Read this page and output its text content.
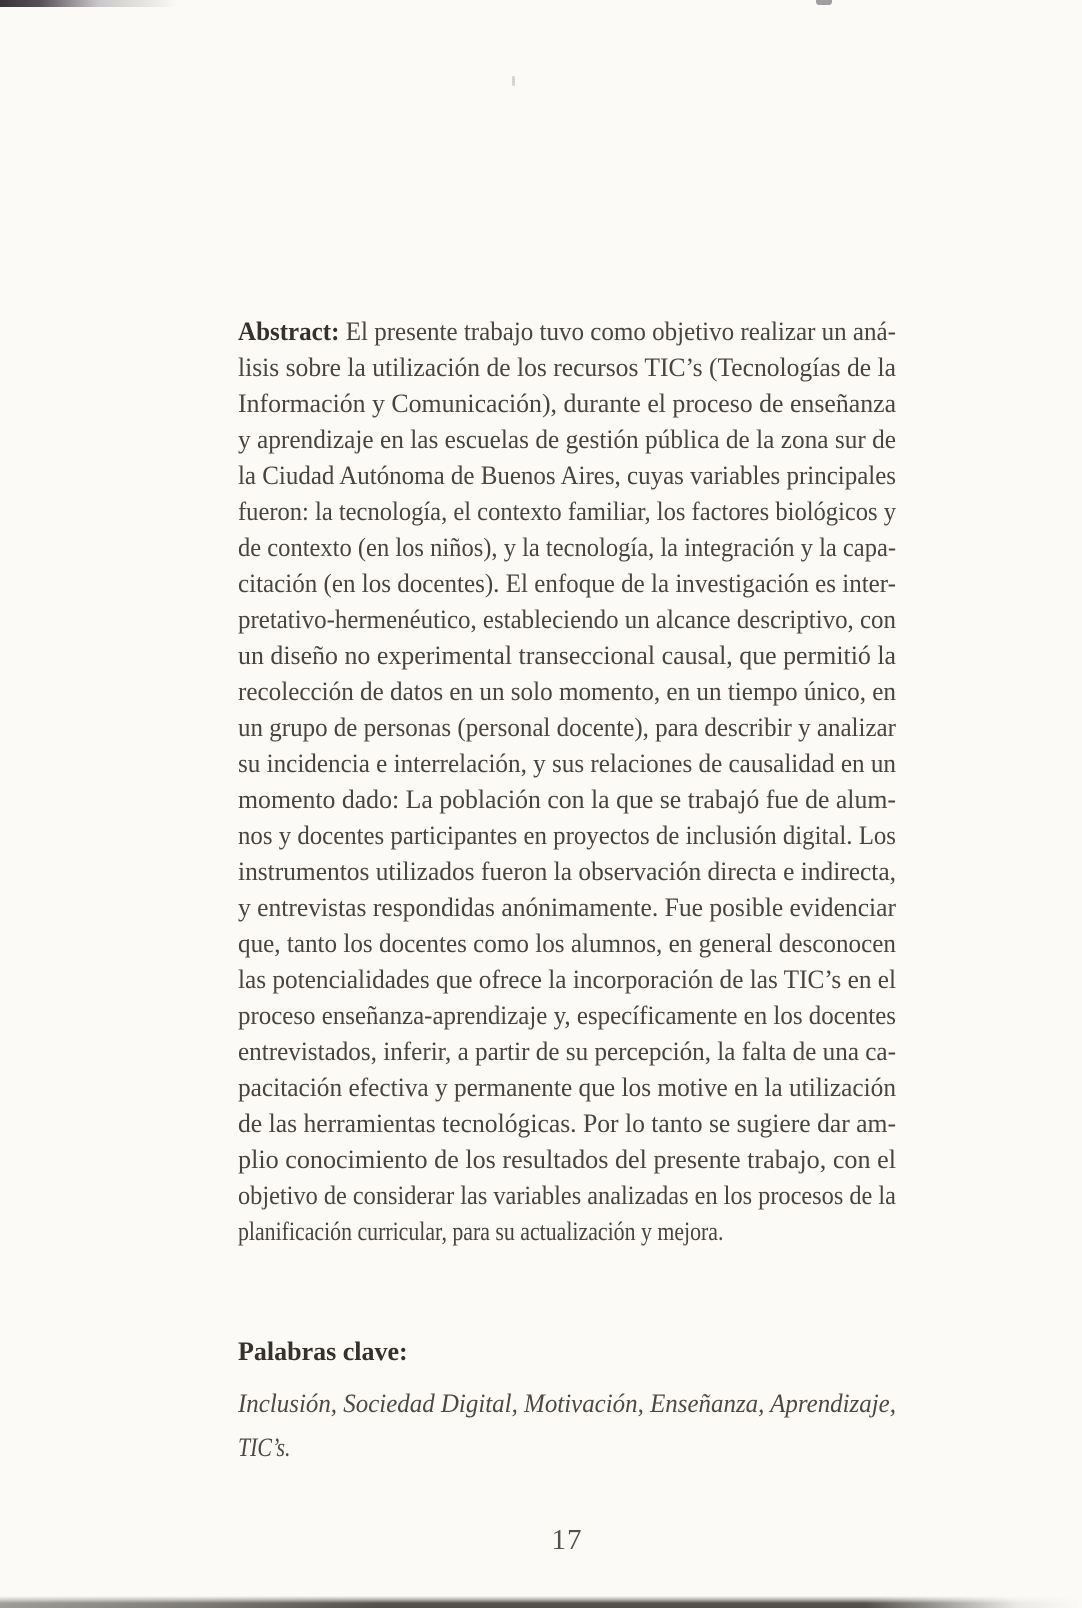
Abstract: El presente trabajo tuvo como objetivo realizar un aná-
lisis sobre la utilización de los recursos TIC’s (Tecnologías de la
Información y Comunicación), durante el proceso de enseñanza
y aprendizaje en las escuelas de gestión pública de la zona sur de
la Ciudad Autónoma de Buenos Aires, cuyas variables principales
fueron: la tecnología, el contexto familiar, los factores biológicos y
de contexto (en los niños), y la tecnología, la integración y la capa-
citación (en los docentes). El enfoque de la investigación es inter-
pretativo-hermenéutico, estableciendo un alcance descriptivo, con
un diseño no experimental transeccional causal, que permitió la
recolección de datos en un solo momento, en un tiempo único, en
un grupo de personas (personal docente), para describir y analizar
su incidencia e interrelación, y sus relaciones de causalidad en un
momento dado: La población con la que se trabajó fue de alum-
nos y docentes participantes en proyectos de inclusión digital. Los
instrumentos utilizados fueron la observación directa e indirecta,
y entrevistas respondidas anónimamente. Fue posible evidenciar
que, tanto los docentes como los alumnos, en general desconocen
las potencialidades que ofrece la incorporación de las TIC’s en el
proceso enseñanza-aprendizaje y, específicamente en los docentes
entrevistados, inferir, a partir de su percepción, la falta de una ca-
pacitación efectiva y permanente que los motive en la utilización
de las herramientas tecnológicas. Por lo tanto se sugiere dar am-
plio conocimiento de los resultados del presente trabajo, con el
objetivo de considerar las variables analizadas en los procesos de la
planificación curricular, para su actualización y mejora.
Palabras clave:
Inclusión, Sociedad Digital, Motivación, Enseñanza, Aprendizaje,
TIC’s.
17
